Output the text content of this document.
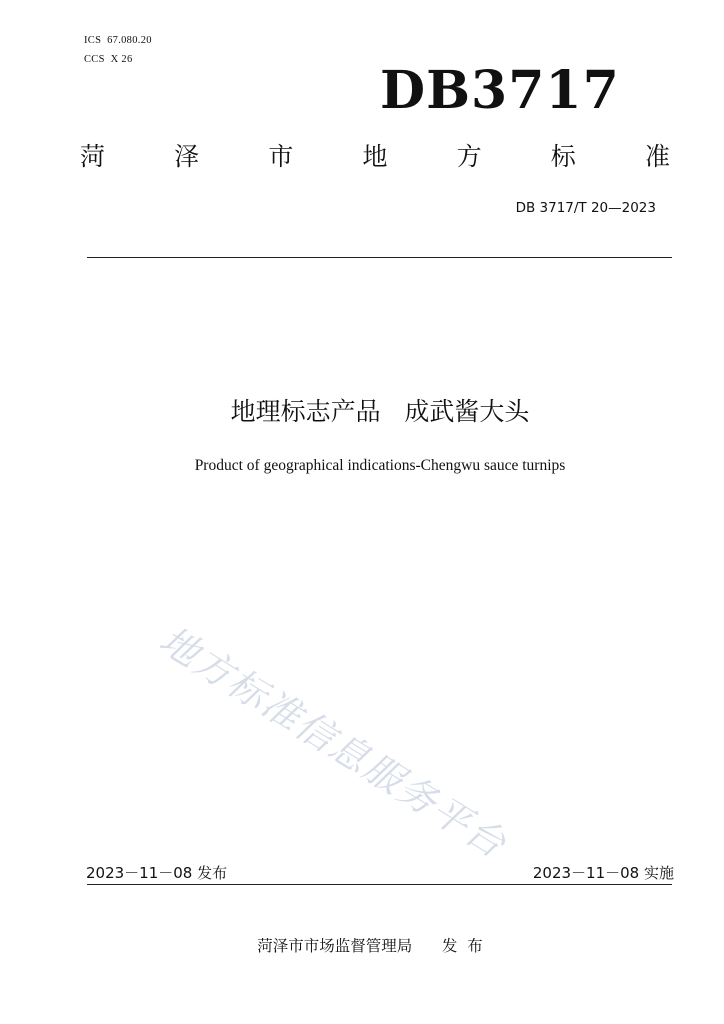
ICS  67.080.20
CCS  X 26
DB3717
菏	泽	市	地	方	标	准
DB 3717/T 20—2023
地理标志产品   成武酱大头
Product of geographical indications-Chengwu sauce turnips
地方标准信息服务平台
2023－11－08 发布	2023－11－08 实施
菏泽市市场监督管理局      发  布
